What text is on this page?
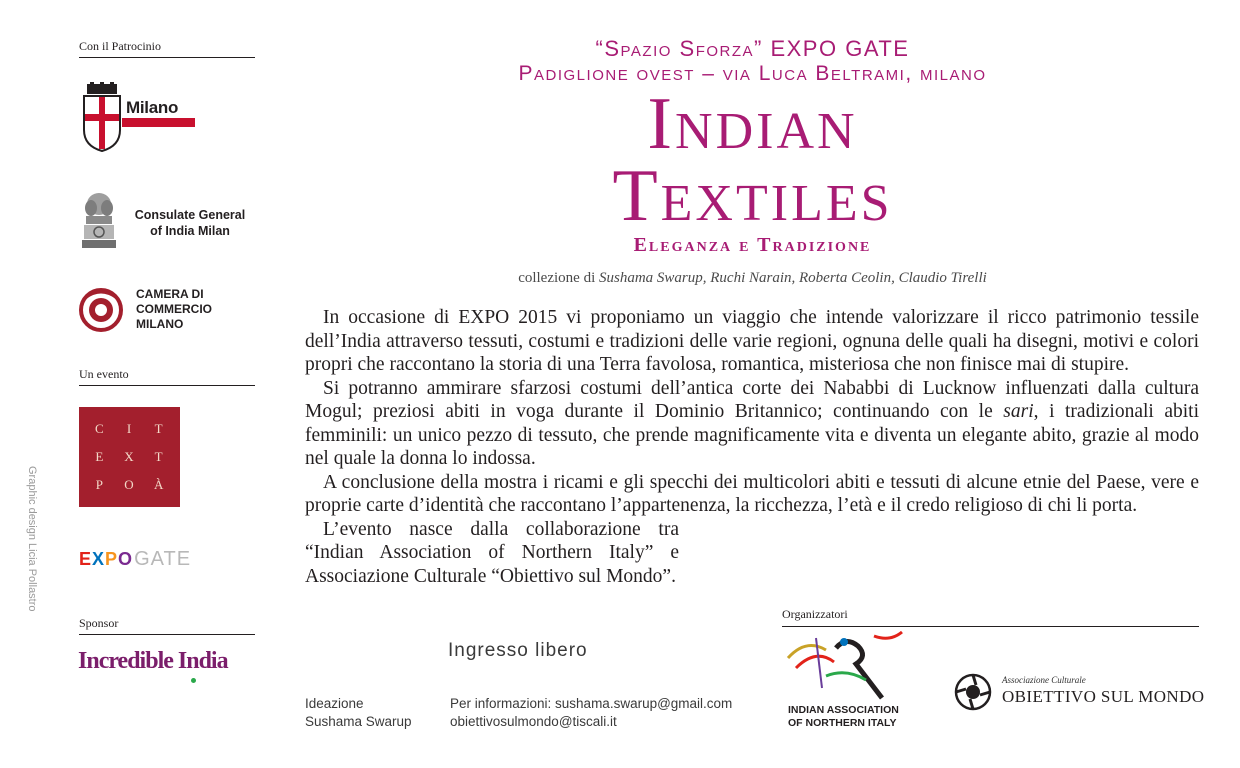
Con il Patrocinio
Milano
Consulate General
of India Milan
CAMERA DI
COMMERCIO
MILANO
Un evento
C	I	T
E	X	T
P	O	À
E X P O GATE
Sponsor
Incredible India
Graphic design Licia Pollastro
“Spazio Sforza” EXPO GATE
Padiglione ovest – via Luca Beltrami, milano
Indian
Textiles
Eleganza e Tradizione
collezione di Sushama Swarup, Ruchi Narain, Roberta Ceolin, Claudio Tirelli

In occasione di EXPO 2015 vi proponiamo un viaggio che intende valorizzare il ricco patrimonio tessile dell’India attraverso tessuti, costumi e tradizioni delle varie regioni, ognuna delle quali ha disegni, motivi e colori propri che raccontano la storia di una Terra favolosa, romantica, misteriosa che non finisce mai di stupire.

Si potranno ammirare sfarzosi costumi dell’antica corte dei Nababbi di Lucknow influenzati dalla cultura Mogul; preziosi abiti in voga durante il Dominio Britannico; continuando con le sari, i tradizionali abiti femminili: un unico pezzo di tessuto, che prende magnificamente vita e diventa un elegante abito, grazie al modo nel quale la donna lo indossa.

A conclusione della mostra i ricami e gli specchi dei multicolori abiti e tessuti di alcune etnie del Paese, vere e proprie carte d’identità che raccontano l’appartenenza, la ricchezza, l’età e il credo religioso di chi li porta.

L’evento nasce dalla collaborazione tra “Indian Association of Northern Italy” e Associazione Culturale “Obiettivo sul Mondo”.

Organizzatori
Ingresso libero
Ideazione
Sushama Swarup
Per informazioni: sushama.swarup@gmail.com
obiettivosulmondo@tiscali.it
INDIAN ASSOCIATION
OF NORTHERN ITALY
Associazione Culturale
OBIETTIVO SUL MONDO
